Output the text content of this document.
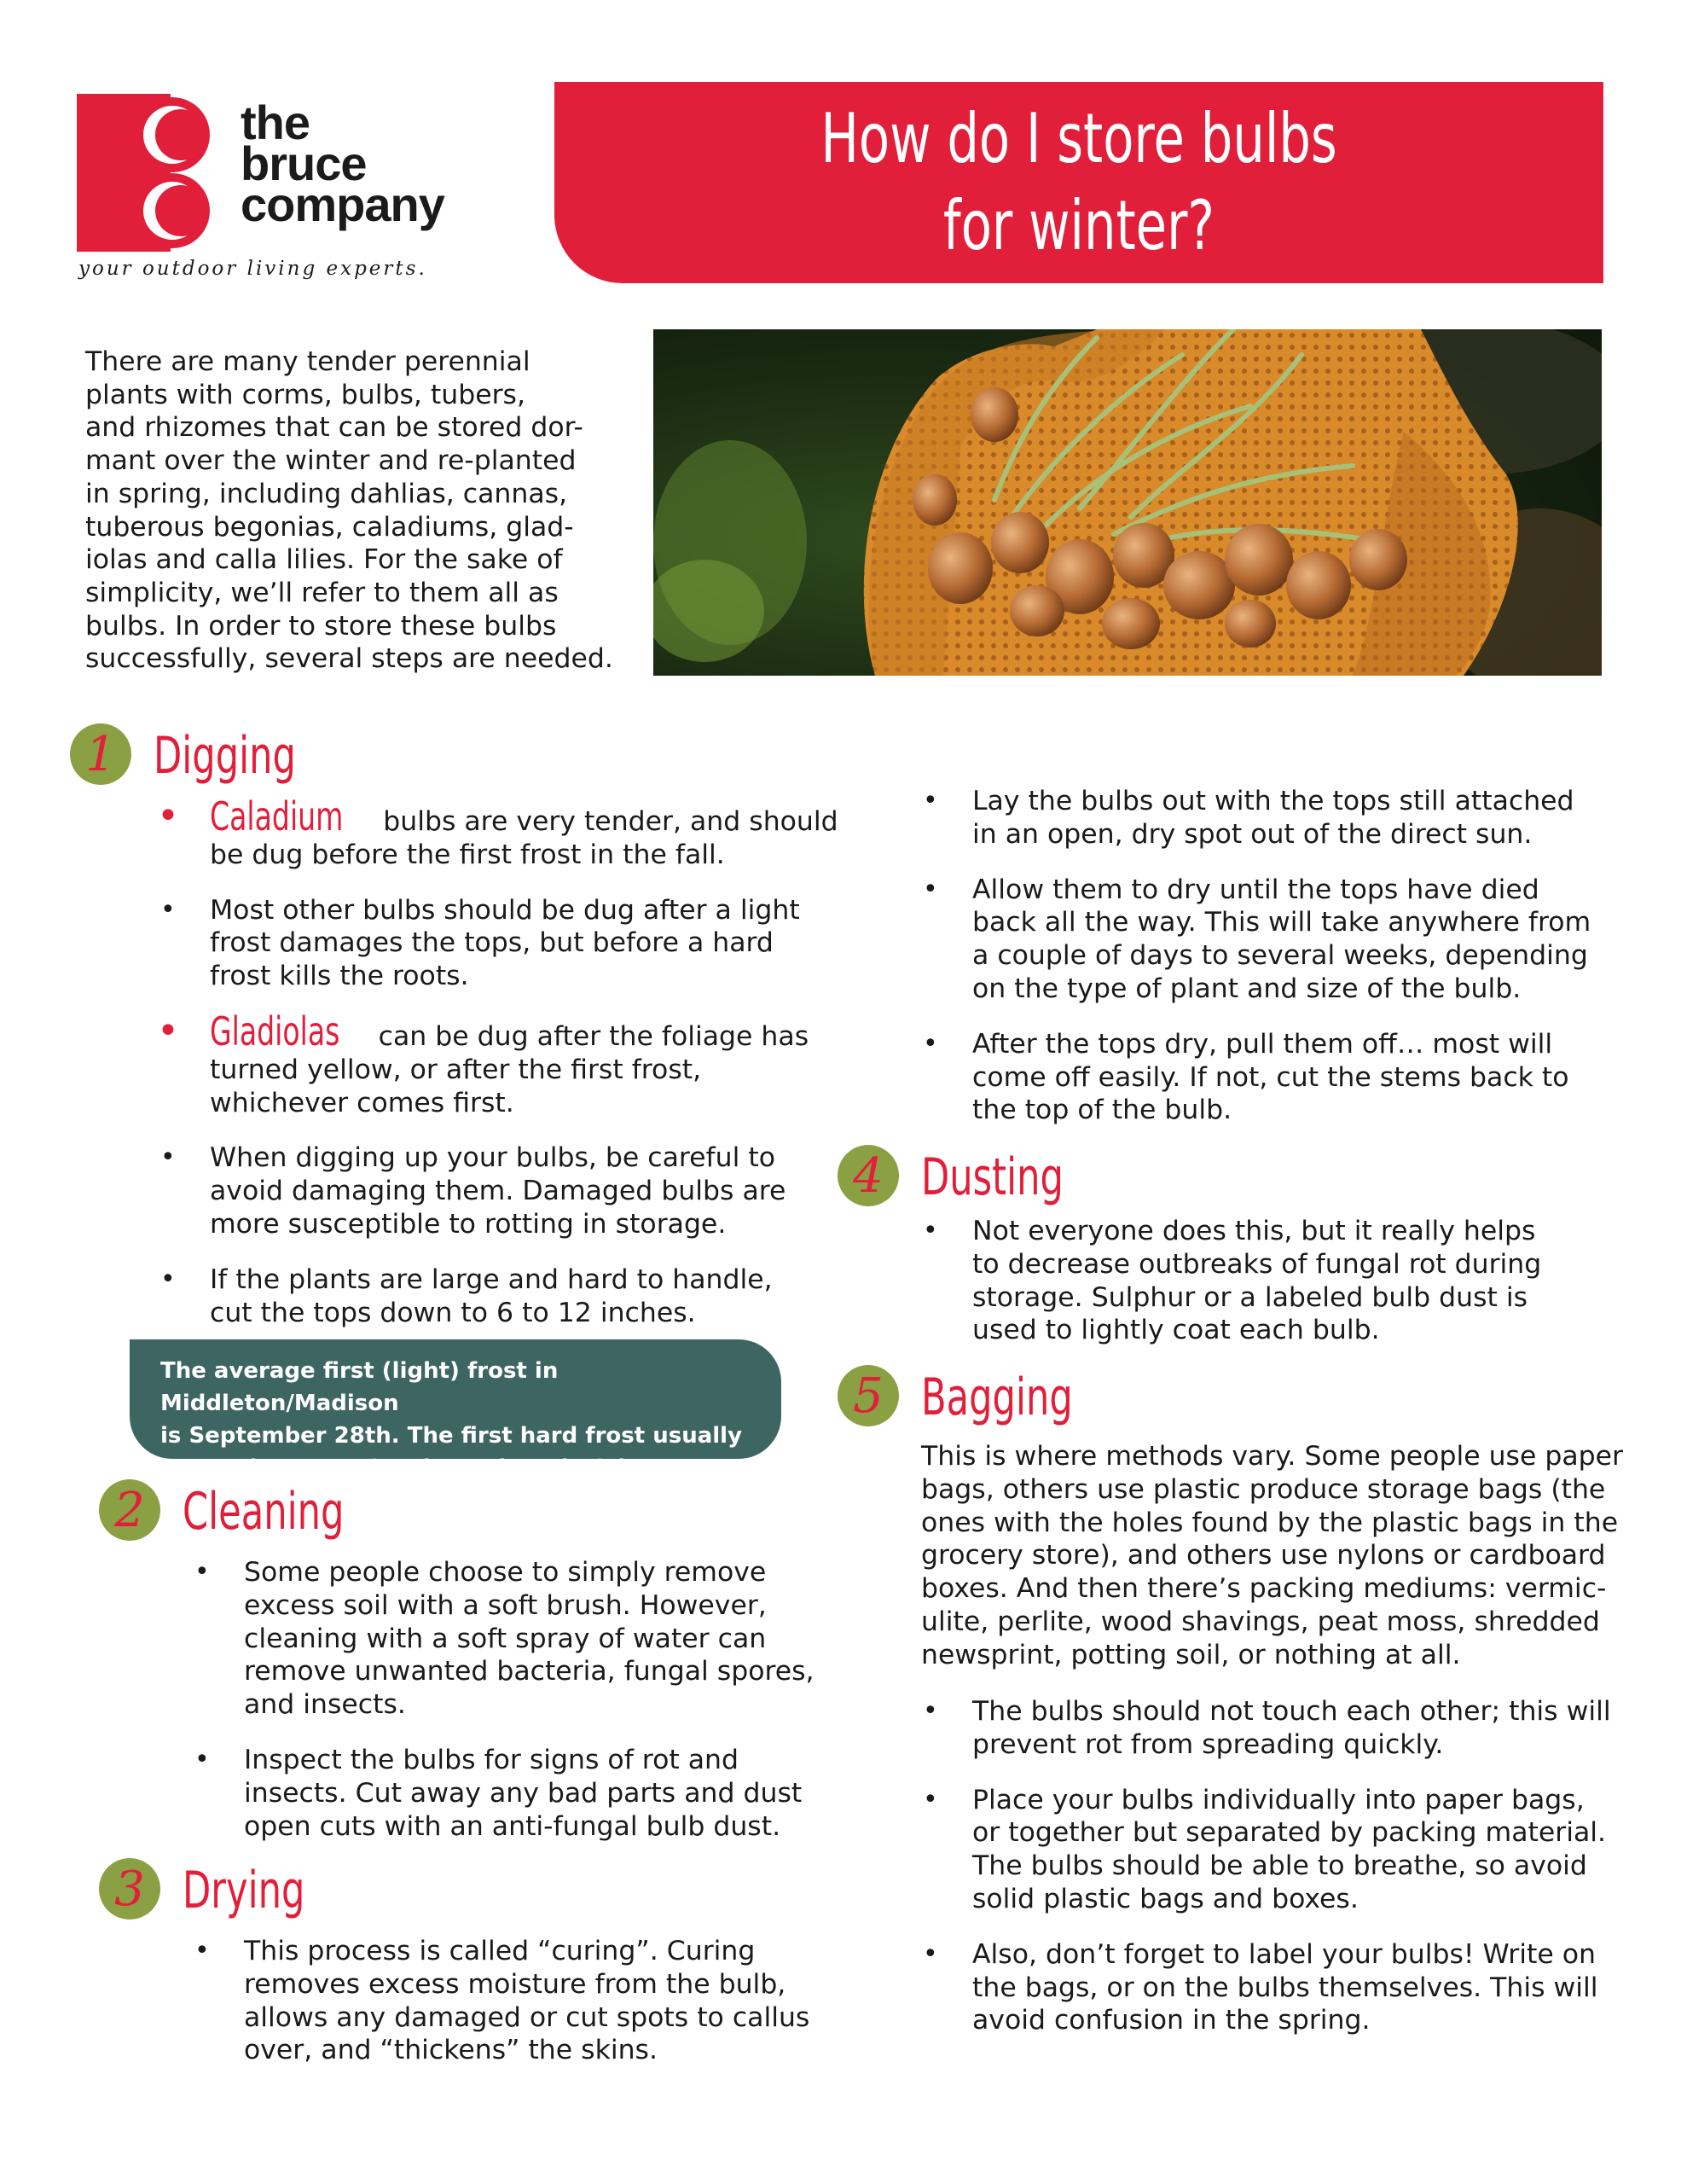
the
bruce
company
your outdoor living experts.
How do I store bulbs
for winter?
There are many tender perennial
plants with corms, bulbs, tubers,
and rhizomes that can be stored dor-
mant over the winter and re-planted
in spring, including dahlias, cannas,
tuberous begonias, caladiums, glad-
iolas and calla lilies. For the sake of
simplicity, we’ll refer to them all as
bulbs. In order to store these bulbs
successfully, several steps are needed.
1 Digging
• Caladium bulbs are very tender, and should
be dug before the first frost in the fall.
• Most other bulbs should be dug after a light
frost damages the tops, but before a hard
frost kills the roots.
• Gladiolas can be dug after the foliage has
turned yellow, or after the first frost,
whichever comes first.
• When digging up your bulbs, be careful to
avoid damaging them. Damaged bulbs are
more susceptible to rotting in storage.
• If the plants are large and hard to handle,
cut the tops down to 6 to 12 inches.
The average first (light) frost in Middleton/Madison
is September 28th. The first hard frost usually
occurs between October 4th and 10th.
2 Cleaning
• Some people choose to simply remove
excess soil with a soft brush. However,
cleaning with a soft spray of water can
remove unwanted bacteria, fungal spores,
and insects.
• Inspect the bulbs for signs of rot and
insects. Cut away any bad parts and dust
open cuts with an anti-fungal bulb dust.
3 Drying
• This process is called “curing”. Curing
removes excess moisture from the bulb,
allows any damaged or cut spots to callus
over, and “thickens” the skins.
• Lay the bulbs out with the tops still attached
in an open, dry spot out of the direct sun.
• Allow them to dry until the tops have died
back all the way. This will take anywhere from
a couple of days to several weeks, depending
on the type of plant and size of the bulb.
• After the tops dry, pull them off… most will
come off easily. If not, cut the stems back to
the top of the bulb.
4 Dusting
• Not everyone does this, but it really helps
to decrease outbreaks of fungal rot during
storage. Sulphur or a labeled bulb dust is
used to lightly coat each bulb.
5 Bagging
This is where methods vary. Some people use paper
bags, others use plastic produce storage bags (the
ones with the holes found by the plastic bags in the
grocery store), and others use nylons or cardboard
boxes. And then there’s packing mediums: vermic-
ulite, perlite, wood shavings, peat moss, shredded
newsprint, potting soil, or nothing at all.
• The bulbs should not touch each other; this will
prevent rot from spreading quickly.
• Place your bulbs individually into paper bags,
or together but separated by packing material.
The bulbs should be able to breathe, so avoid
solid plastic bags and boxes.
• Also, don’t forget to label your bulbs! Write on
the bags, or on the bulbs themselves. This will
avoid confusion in the spring.
